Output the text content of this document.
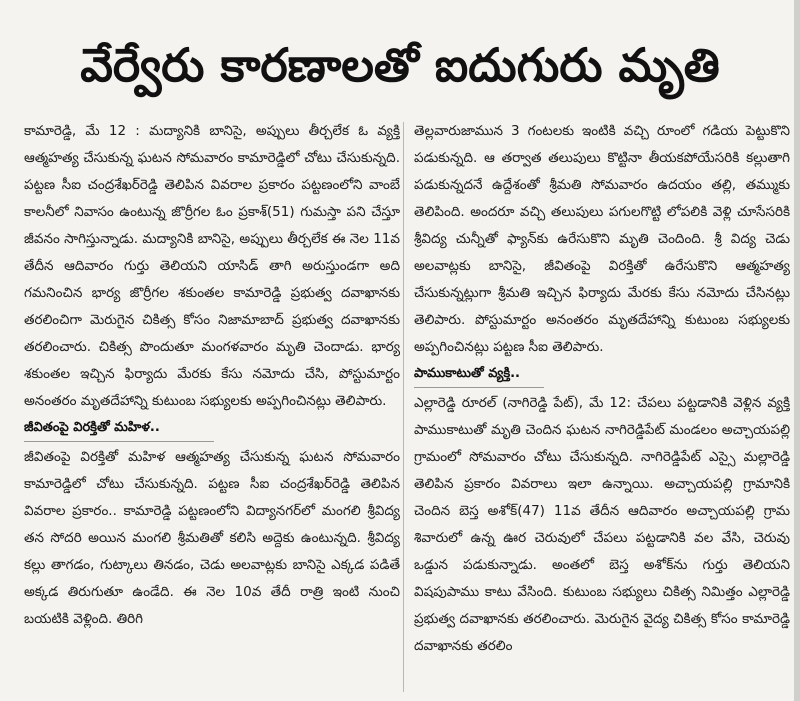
వేర్వేరు కారణాలతో ఐదుగురు మృతి

కామారెడ్డి, మే 12 : మద్యానికి బానిసై, అప్పులు తీర్చలేక ఓ వ్యక్తి ఆత్మహత్య చేసుకున్న ఘటన సోమవారం కామారెడ్డిలో చోటు చేసుకున్నది. పట్టణ సీఐ చంద్రశేఖర్‌రెడ్డి తెలిపిన వివరాల ప్రకారం పట్టణంలోని వాంబే కాలనీలో నివాసం ఉంటున్న జొర్రీగల ఓం ప్రకాశ్(51) గుమస్తా పని చేస్తూ జీవనం సాగిస్తున్నాడు. మద్యానికి బానిసై, అప్పులు తీర్చలేక ఈ నెల 11వ తేదీన ఆదివారం గుర్తు తెలియని యాసిడ్ తాగి అరుస్తుండగా అది గమనించిన భార్య జొర్రీగల శకుంతల కామారెడ్డి ప్రభుత్వ దవాఖానకు తరలించిగా మెరుగైన చికిత్స కోసం నిజామాబాద్ ప్రభుత్వ దవాఖానకు తరలించారు. చికిత్స పొందుతూ మంగళవారం మృతి చెందాడు. భార్య శకుంతల ఇచ్చిన ఫిర్యాదు మేరకు కేసు నమోదు చేసి, పోస్టుమార్టం అనంతరం మృతదేహాన్ని కుటుంబ సభ్యులకు అప్పగించినట్లు తెలిపారు.

జీవితంపై విరక్తితో మహిళ..

జీవితంపై విరక్తితో మహిళ ఆత్మహత్య చేసుకున్న ఘటన సోమవారం కామారెడ్డిలో చోటు చేసుకున్నది. పట్టణ సీఐ చంద్రశేఖర్‌రెడ్డి తెలిపిన వివరాల ప్రకారం.. కామారెడ్డి పట్టణంలోని విద్యానగర్‌లో మంగలి శ్రీవిద్య తన సోదరి అయిన మంగలి శ్రీమతితో కలిసి అద్దెకు ఉంటున్నది. శ్రీవిద్య కల్లు తాగడం, గుట్కాలు తినడం, చెడు అలవాట్లకు బానిసై ఎక్కడ పడితే అక్కడ తిరుగుతూ ఉండేది. ఈ నెల 10వ తేదీ రాత్రి ఇంటి నుంచి బయటికి వెళ్లింది. తిరిగి

తెల్లవారుజామున 3 గంటలకు ఇంటికి వచ్చి రూంలో గడియ పెట్టుకొని పడుకున్నది. ఆ తర్వాత తలుపులు కొట్టినా తీయకపోయేసరికి కల్లుతాగి పడుకున్నదనే ఉద్దేశంతో శ్రీమతి సోమవారం ఉదయం తల్లి, తమ్ముకు తెలిపింది. అందరూ వచ్చి తలుపులు పగులగొట్టి లోపలికి వెళ్లి చూసేసరికి శ్రీవిద్య చున్నీతో ఫ్యాన్‌కు ఉరేసుకొని మృతి చెందింది. శ్రీ విద్య చెడు అలవాట్లకు బానిసై, జీవితంపై విరక్తితో ఉరేసుకొని ఆత్మహత్య చేసుకున్నట్లుగా శ్రీమతి ఇచ్చిన ఫిర్యాదు మేరకు కేసు నమోదు చేసినట్లు తెలిపారు. పోస్టుమార్టం అనంతరం మృతదేహాన్ని కుటుంబ సభ్యులకు అప్పగించినట్లు పట్టణ సీఐ తెలిపారు.

పాముకాటుతో వ్యక్తి..

ఎల్లారెడ్డి రూరల్ (నాగిరెడ్డి పేట్), మే 12: చేపలు పట్టడానికి వెళ్లిన వ్యక్తి పాముకాటుతో మృతి చెందిన ఘటన నాగిరెడ్డిపేట్ మండలం అచ్చాయపల్లి గ్రామంలో సోమవారం చోటు చేసుకున్నది. నాగిరెడ్డిపేట్ ఎస్సై మల్లారెడ్డి తెలిపిన ప్రకారం వివరాలు ఇలా ఉన్నాయి. అచ్చాయపల్లి గ్రామానికి చెందిన బెస్త అశోక్(47) 11వ తేదీన ఆదివారం అచ్చాయపల్లి గ్రామ శివారులో ఉన్న ఊర చెరువులో చేపలు పట్టడానికి వల వేసి, చెరువు ఒడ్డున పడుకున్నాడు. అంతలో బెస్త అశోక్‌ను గుర్తు తెలియని విషపుపాము కాటు వేసింది. కుటుంబ సభ్యులు చికిత్స నిమిత్తం ఎల్లారెడ్డి ప్రభుత్వ దవాఖానకు తరలించారు. మెరుగైన వైద్య చికిత్స కోసం కామారెడ్డి దవాఖానకు తరలిం
